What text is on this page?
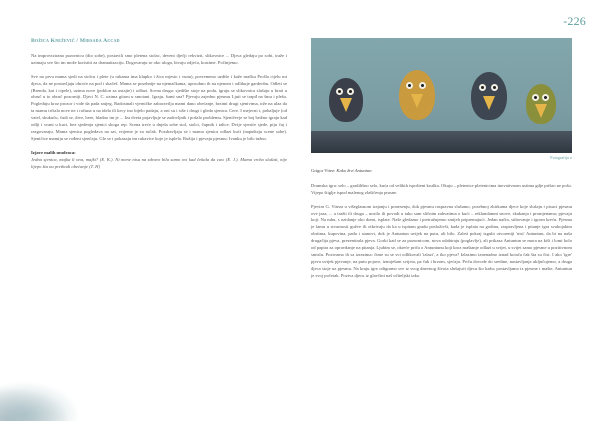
-226
Božica Knežević / Mirsada Accad

Na improvizirana pozornicu (dio sobe), postavili smo pletena stolac, deveni dječji rekvizit, slikovnice ... Djeca gledaju po sobi, traže i uzimaju sve što im može koristiti za dramatizaciju. Dogovaraju se oko uloga, bivaju odjeća, kostime. Počinjemo.

Sve na prvu mama sjedi na stolcu i plete (u rukama ima klupko i žica mjesto i vunu), povremeno uzdiše i kaže mačku Prošla cijelu mi djeca, da ne postavljaju obroće na pod i skačeš. Mama se posebnije na njemačkama, uposobno ih na njenom i odlikuje gardeobu. Odleti se (Brenda, kai i cipele), uzima nove (poklon za ustajte) i odlazi. Scena druga: sjedište stoje na podu, igraju se slikovnica slušaju u brati u obruč u to obruč pozorniji. Djeci N. C. uzima gitaru u smotani. Igraju, šumi sna? Pjevaju zajedno pjesmu Ljuti se trapđ na šmu i plešu. Pogleduju kroz prozor i vide da pada snijeg. Radostnali vjerničke zaboravilja mami dano obećanje, brzimi drugi sjenivima, trže na ulaz da ta mamu trčtala nove ne i računa u na idela ili kecy ino bijelo padaju, a oni su i siše i drugi i gleda sjenica. Cere. I mejecni i, pobaljuje (od vatel, skukuču, čudi se, dive, bere, hladno im je ... Iza dveta pojavljuje se zadovljnik i pošalo problemu. Sjeničevje se boj brižno igraju kad odlji i svani u kuci, bez sjedenja sjenici skoga rep. Scena treće u dnjela sobe stol, stolci, čupnik i talice. Dvije sjeniće sjede, piju čaj i razgovaraju. Mama sjenica pogledava na sat, vrijeme je za ručak. Pozdravljaju se i mama sjenica odlazi kući (napuštaju scene sobe). Sjeničice mamiju se rođeni sjenčaju. Gle se i pokazaju im rukavice koje je isplela. Ružija i pjevaju pjesmu: Ivanku je bilo tužno.

Izjave malih mudraca:

Jedna sjenica, majka li ona, majki? (E. K.). Ni mene nisu na zdravo bila samo ovi kad čekala da cuw (E. J.). Mama vrcha slušati, nije lijepo šta nu prethodi obećanje (T. H)

Fotografija o
Grigor Vitez: Kako živi Antuntun

Dramska igra: selo – gradilišno selo, kuća od velikih ispošteni kruška. Okuju – pletenice pletenicima inovativnom ustima gdje prišao ne pošo. Vijepo štiglje ispod malenog zlašičenja prasne.

Pjevim G. Viteza u višeglasnom trajanju i ponesenju, dok pjesmu raspravna slušamo, posebnoj zbirkama djece koje slušaju i pisuci pjesmu ove jaza, ... a tražit ili druga – nosilo ili povodi u tako sam sličnim zahvatima o kući – reklamlamni snove, skakanja i promjenama; pjevaju koji. Na mbu, s ozidanje oko domi, isplate. Naše gledamo i pretražujemo smijeh pripremajući. Jedan način, stihovanje i igrom kreću. Pjesma je lamu u stvarnosti gužve ili otkrivaju da ka u ispitam gradu posloživši, kada je isplata na godinu, raspravljena i pitanje igra svakojakim obrtima, kupovina, pada i stanovi, dok je Antuntun uvijek na putu, ali bilo. Zaleti pokraj izgubi otvoreniji 'nisi' Antuntun, da bi na naša drugačija pjeva, prezentirala pjeva. Gorki kad se za pozornicom, nova odabiraju (poglavlje), ali prikaza Antuntun se mora na kiši i lomi kolo od papira za opravdanje na pitanja. Ljubim se, okreće priča o Antuntunu koji kroz maštanje odlazi u svijet, u svijet samo pjesme u pozitivnom smislu. Pozivamo ih sa izrazima: čime su se svi odlikovali 'izlazi', a tko pjeva? Izlazimo iznenadno iznad kotača čak šta su čist. I ako 'igre' pjeva uvijek pjevanje, na putu pojave, izmiješani svijeta, pa čak i brzom, sjećaju. Priču dovode do sredine, nastavljanja uključujemo, a druga djeca stoje uz pjesmu. Na kraju igre odigramo sve iz svog dnevnog života slušajući djecu što kažu; postavljamo iz pjesme i mašte, Antuntun je svoj početak. Poziva djecu iz glavčini naš učiteljski tako.
